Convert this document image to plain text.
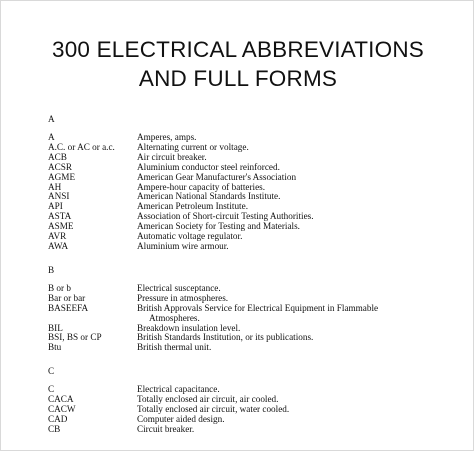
300 ELECTRICAL ABBREVIATIONS
AND FULL FORMS
A
A	Amperes, amps.
A.C. or AC or a.c.	Alternating current or voltage.
ACB	Air circuit breaker.
ACSR	Aluminium conductor steel reinforced.
AGME	American Gear Manufacturer's Association
AH	Ampere-hour capacity of batteries.
ANSI	American National Standards Institute.
API	American Petroleum Institute.
ASTA	Association of Short-circuit Testing Authorities.
ASME	American Society for Testing and Materials.
AVR	Automatic voltage regulator.
AWA	Aluminium wire armour.
B
B or b	Electrical susceptance.
Bar or bar	Pressure in atmospheres.
BASEEFA	British Approvals Service for Electrical Equipment in Flammable
Atmospheres.
BIL	Breakdown insulation level.
BSI, BS or CP	British Standards Institution, or its publications.
Btu	British thermal unit.
C
C	Electrical capacitance.
CACA	Totally enclosed air circuit, air cooled.
CACW	Totally enclosed air circuit, water cooled.
CAD	Computer aided design.
CB	Circuit breaker.
